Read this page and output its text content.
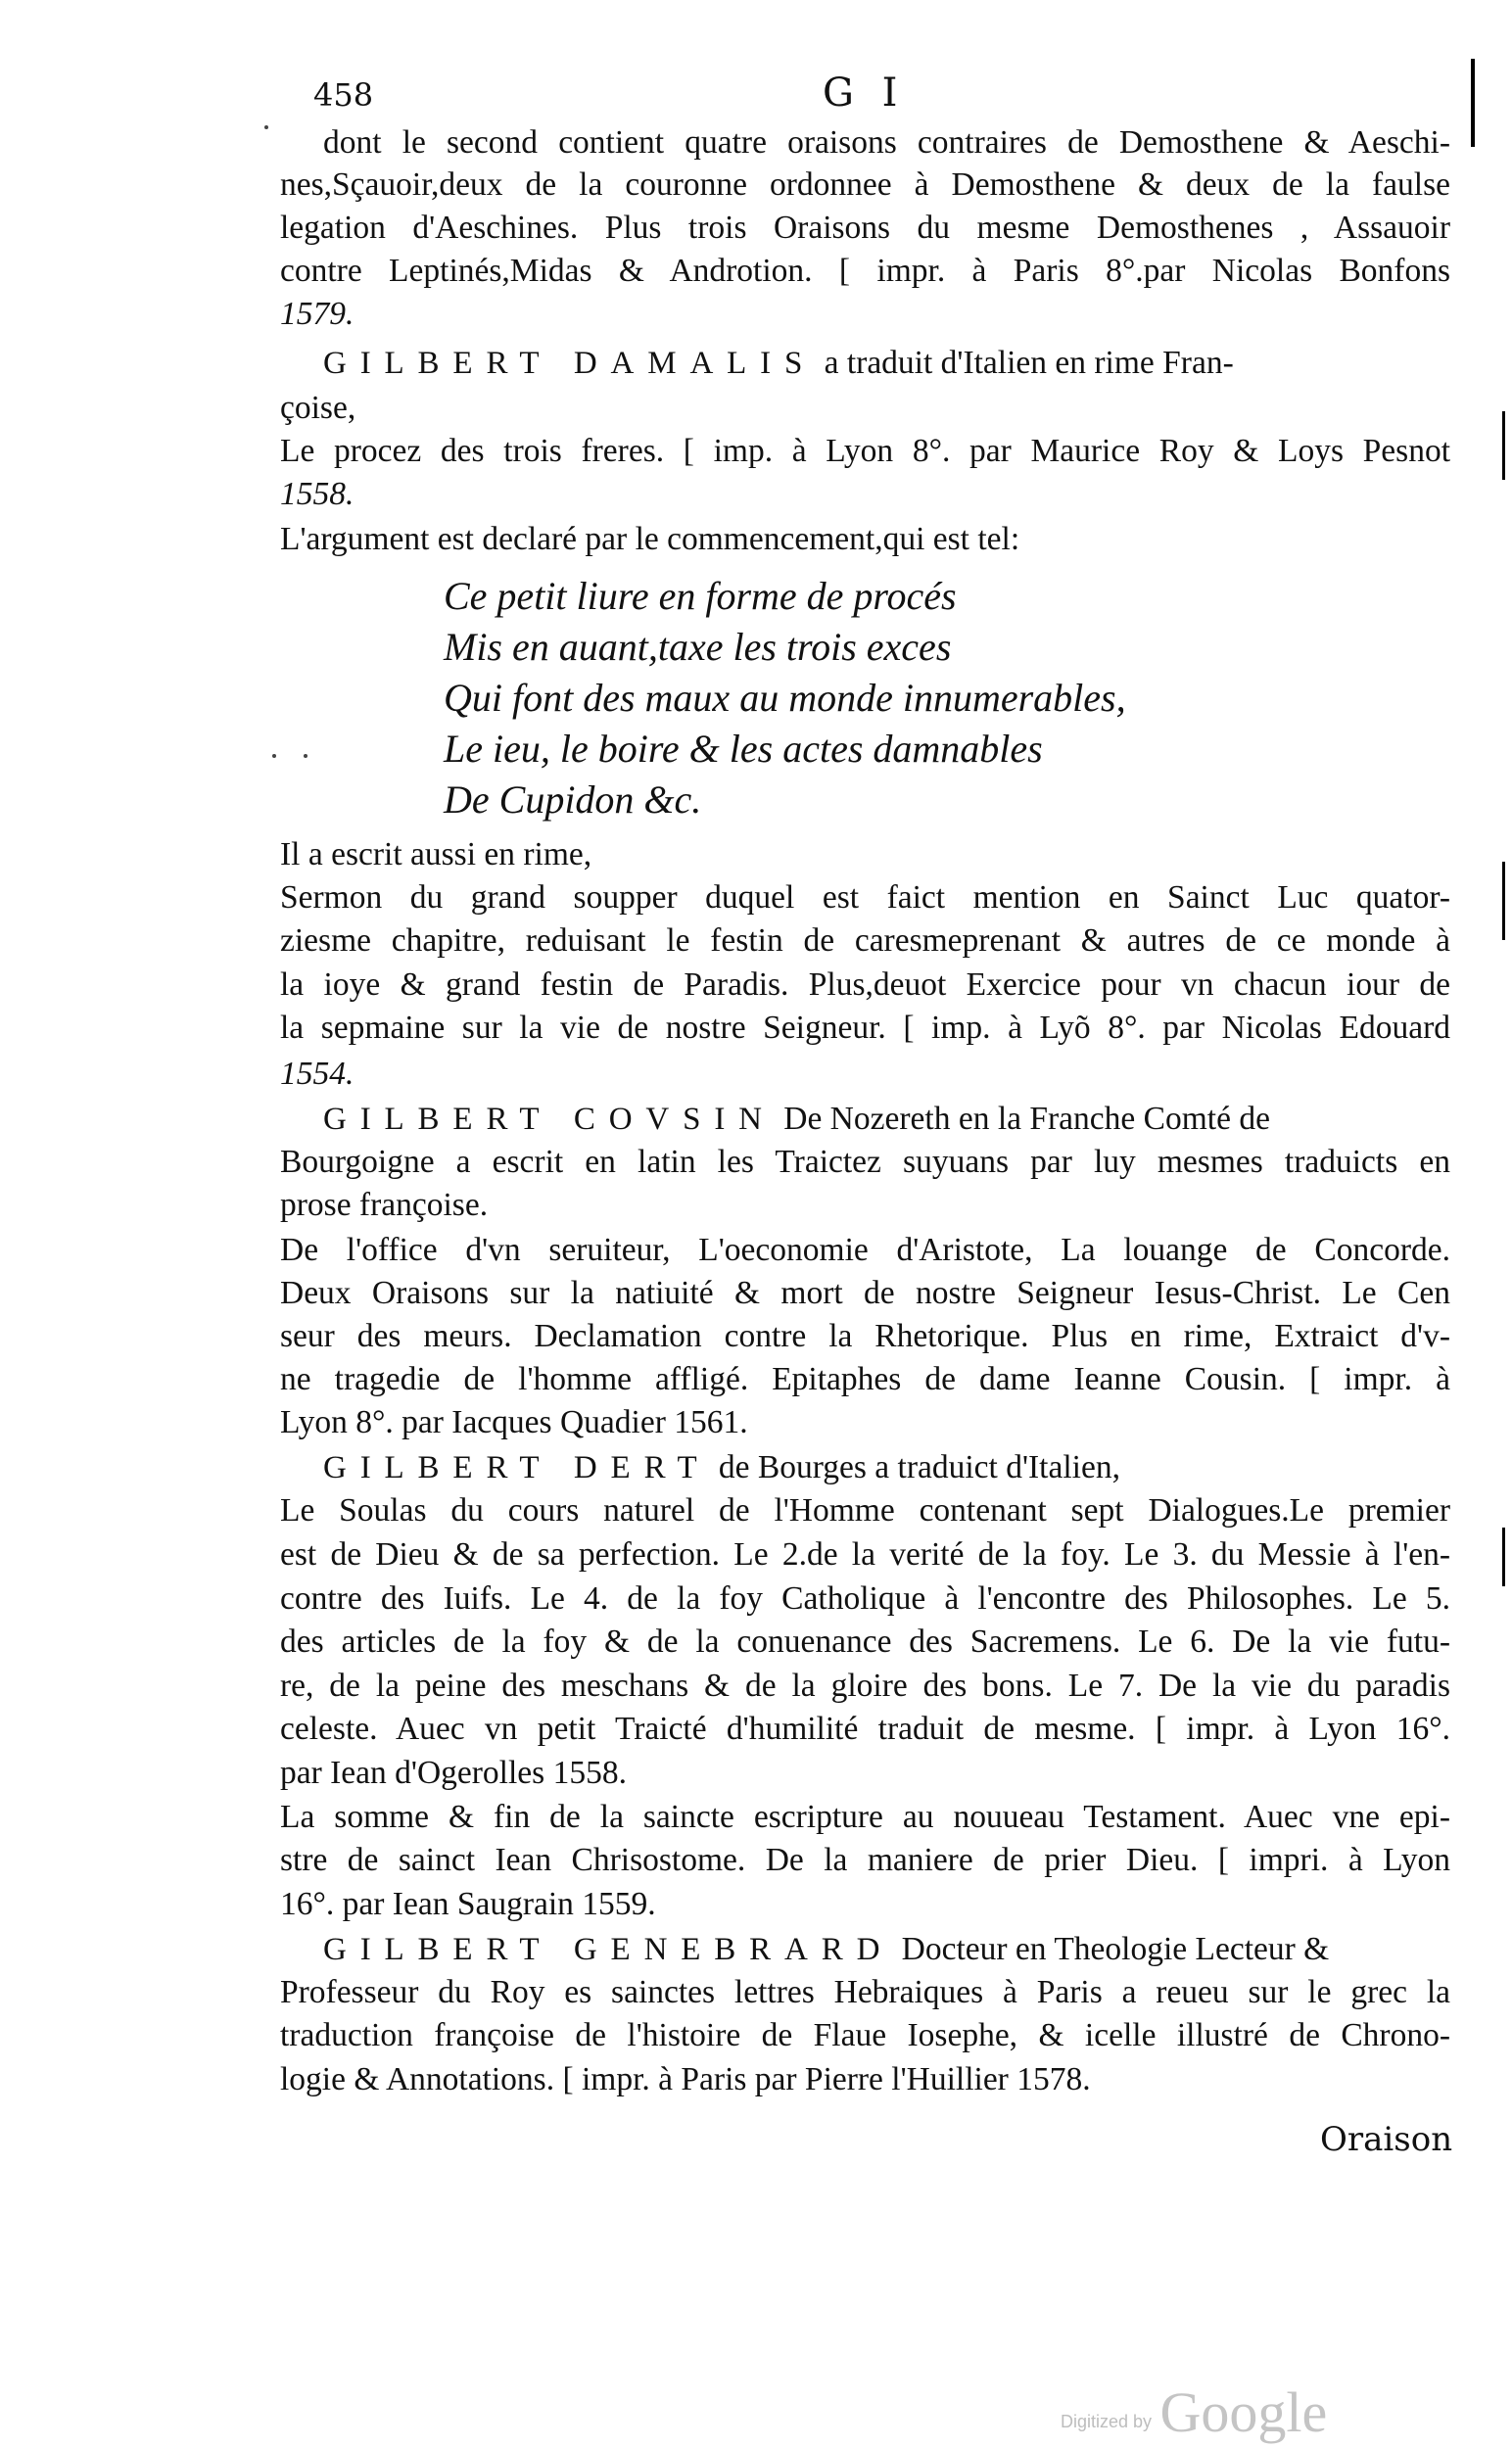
458	G I
dont le second contient quatre oraisons contraires de Demosthene & Aeschi-
nes,Sçauoir,deux de la couronne ordonnee à Demosthene & deux de la faulse
legation d'Aeschines. Plus trois Oraisons du mesme Demosthenes , Assauoir
contre Leptinés,Midas & Androtion. [ impr. à Paris 8°.par Nicolas Bonfons
1579.
GILBERT DAMALIS a traduit d'Italien en rime Fran-
çoise,
Le procez des trois freres. [ imp. à Lyon 8°. par Maurice Roy & Loys Pesnot
1558.
L'argument est declaré par le commencement,qui est tel:
Ce petit liure en forme de procés
Mis en auant,taxe les trois exces
Qui font des maux au monde innumerables,
Le ieu, le boire & les actes damnables
De Cupidon &c.
Il a escrit aussi en rime,
Sermon du grand soupper duquel est faict mention en Sainct Luc quator-
ziesme chapitre, reduisant le festin de caresmeprenant & autres de ce monde à
la ioye & grand festin de Paradis. Plus,deuot Exercice pour vn chacun iour de
la sepmaine sur la vie de nostre Seigneur. [ imp. à Lyõ 8°. par Nicolas Edouard
1554.
GILBERT COVSIN De Nozereth en la Franche Comté de
Bourgoigne a escrit en latin les Traictez suyuans par luy mesmes traduicts en
prose françoise.
De l'office d'vn seruiteur, L'oeconomie d'Aristote, La louange de Concorde.
Deux Oraisons sur la natiuité & mort de nostre Seigneur Iesus-Christ. Le Cen
seur des meurs. Declamation contre la Rhetorique. Plus en rime, Extraict d'v-
ne tragedie de l'homme affligé. Epitaphes de dame Ieanne Cousin. [ impr. à
Lyon 8°. par Iacques Quadier 1561.
GILBERT DERT de Bourges a traduict d'Italien,
Le Soulas du cours naturel de l'Homme contenant sept Dialogues.Le premier
est de Dieu & de sa perfection. Le 2.de la verité de la foy. Le 3. du Messie à l'en-
contre des Iuifs. Le 4. de la foy Catholique à l'encontre des Philosophes. Le 5.
des articles de la foy & de la conuenance des Sacremens. Le 6. De la vie futu-
re, de la peine des meschans & de la gloire des bons. Le 7. De la vie du paradis
celeste. Auec vn petit Traicté d'humilité traduit de mesme. [ impr. à Lyon 16°.
par Iean d'Ogerolles 1558.
La somme & fin de la saincte escripture au nouueau Testament. Auec vne epi-
stre de sainct Iean Chrisostome. De la maniere de prier Dieu. [ impri. à Lyon
16°. par Iean Saugrain 1559.
GILBERT GENEBRARD Docteur en Theologie Lecteur &
Professeur du Roy es sainctes lettres Hebraiques à Paris a reueu sur le grec la
traduction françoise de l'histoire de Flaue Iosephe, & icelle illustré de Chrono-
logie & Annotations. [ impr. à Paris par Pierre l'Huillier 1578.
Oraison
Digitized by Google
